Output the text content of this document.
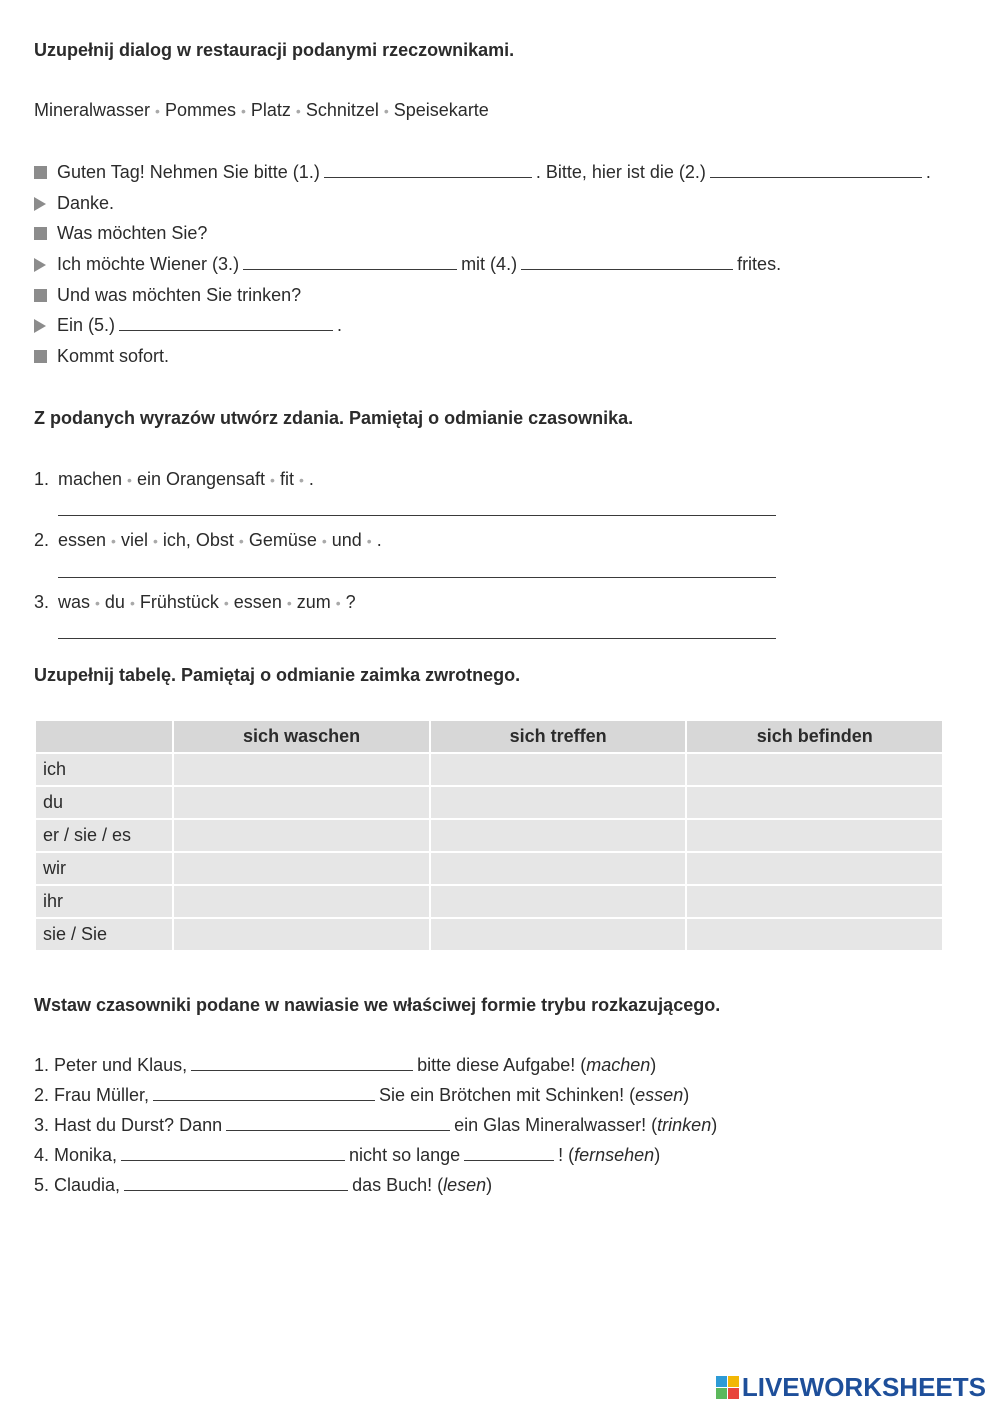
Uzupełnij dialog w restauracji podanymi rzeczownikami.
Mineralwasser • Pommes • Platz • Schnitzel • Speisekarte
Guten Tag! Nehmen Sie bitte (1.)	. Bitte, hier ist die (2.)	.
Danke.
Was möchten Sie?
Ich möchte Wiener (3.)	mit (4.)	frites.
Und was möchten Sie trinken?
Ein (5.)	.
Kommt sofort.
Z podanych wyrazów utwórz zdania. Pamiętaj o odmianie czasownika.
1. machen • ein Orangensaft • fit • .
2. essen • viel • ich, Obst • Gemüse • und • .
3. was • du • Frühstück • essen • zum • ?
Uzupełnij tabelę. Pamiętaj o odmianie zaimka zwrotnego.
	sich waschen	sich treffen	sich befinden
ich			
du			
er / sie / es			
wir			
ihr			
sie / Sie			
Wstaw czasowniki podane w nawiasie we właściwej formie trybu rozkazującego.
1. Peter und Klaus,	bitte diese Aufgabe! ( machen )
2. Frau Müller,	Sie ein Brötchen mit Schinken! ( essen )
3. Hast du Durst? Dann	ein Glas Mineralwasser! ( trinken )
4. Monika,	nicht so lange	! ( fernsehen )
5. Claudia,	das Buch! ( lesen )
LIVEWORKSHEETS
